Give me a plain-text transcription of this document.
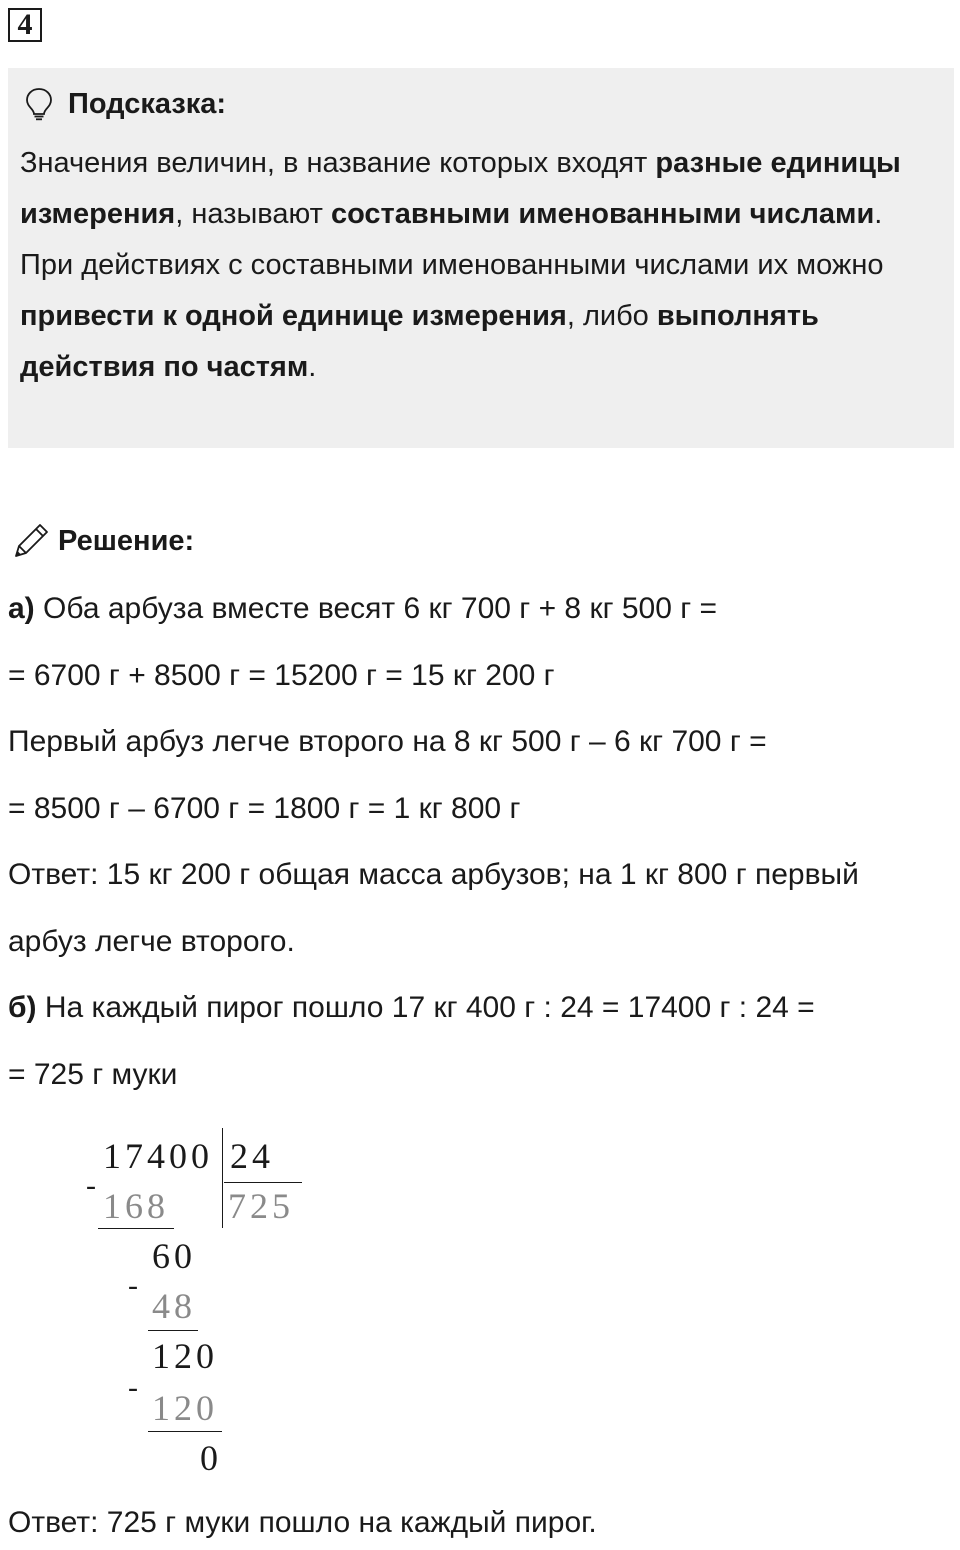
4
Подсказка:
Значения величин, в название которых входят разные единицы измерения, называют составными именованными числами.
При действиях с составными именованными числами их можно привести к одной единице измерения, либо выполнять действия по частям.
Решение:
а) Оба арбуза вместе весят 6 кг 700 г + 8 кг 500 г =
= 6700 г + 8500 г = 15200 г = 15 кг 200 г
Первый арбуз легче второго на 8 кг 500 г – 6 кг 700 г =
= 8500 г – 6700 г = 1800 г = 1 кг 800 г
Ответ: 15 кг 200 г общая масса арбузов; на 1 кг 800 г первый
арбуз легче второго.
б) На каждый пирог пошло 17 кг 400 г : 24 = 17400 г : 24 =
= 725 г муки
17400 24
-
168 725
60
-
48
120
-
120
0
Ответ: 725 г муки пошло на каждый пирог.
